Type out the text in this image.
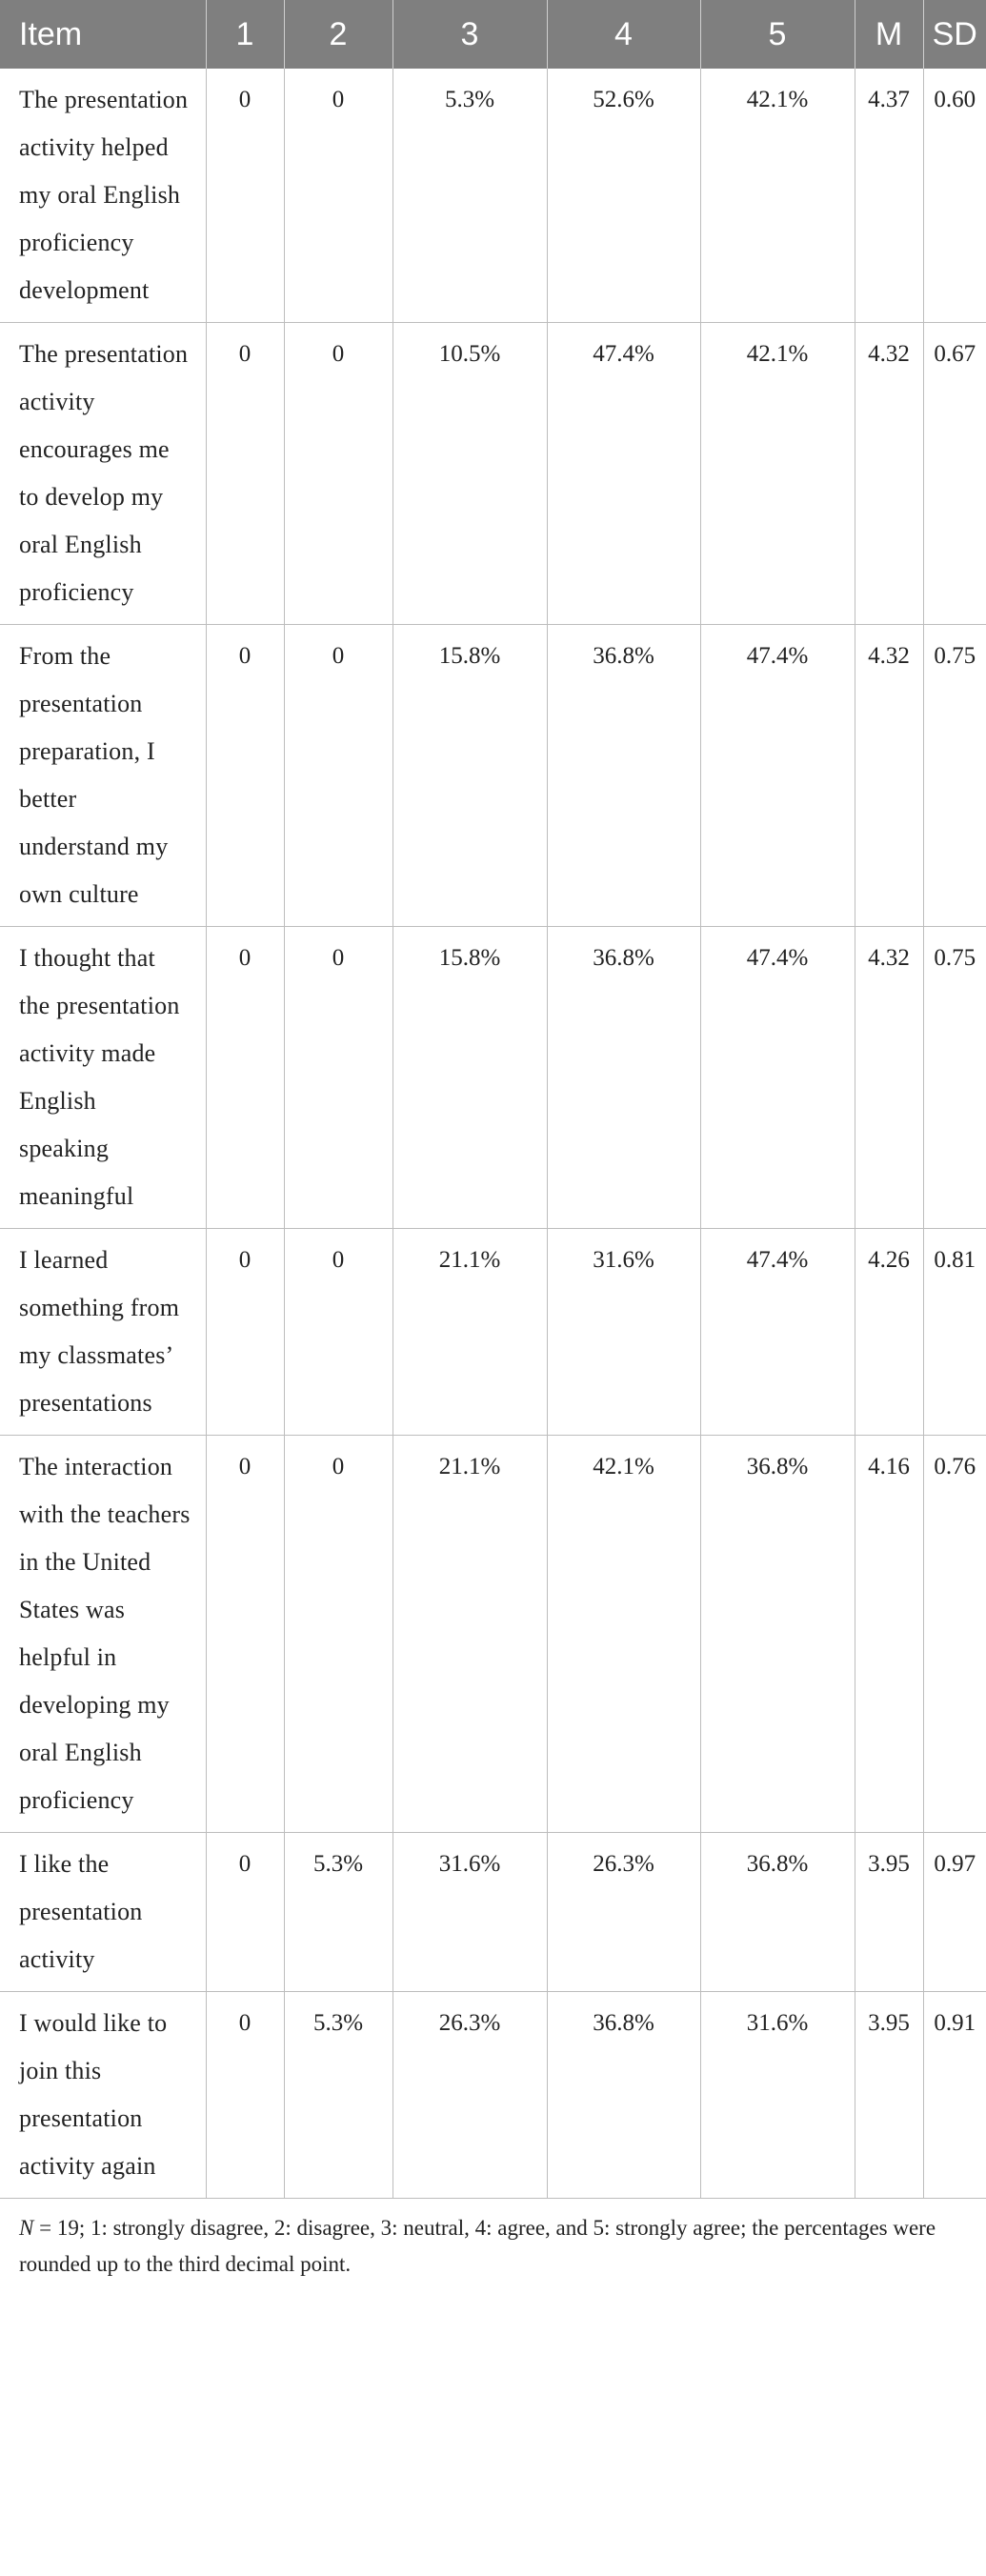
Item	1	2	3	4	5	M	SD
The presentation activity helped my oral English proficiency development	0	0	5.3%	52.6%	42.1%	4.37	0.60
The presentation activity encourages me to develop my oral English proficiency	0	0	10.5%	47.4%	42.1%	4.32	0.67
From the presentation preparation, I better understand my own culture	0	0	15.8%	36.8%	47.4%	4.32	0.75
I thought that the presentation activity made English speaking meaningful	0	0	15.8%	36.8%	47.4%	4.32	0.75
I learned something from my classmates’ presentations	0	0	21.1%	31.6%	47.4%	4.26	0.81
The interaction with the teachers in the United States was helpful in developing my oral English proficiency	0	0	21.1%	42.1%	36.8%	4.16	0.76
I like the presentation activity	0	5.3%	31.6%	26.3%	36.8%	3.95	0.97
I would like to join this presentation activity again	0	5.3%	26.3%	36.8%	31.6%	3.95	0.91
N = 19; 1: strongly disagree, 2: disagree, 3: neutral, 4: agree, and 5: strongly agree; the percentages were rounded up to the third decimal point.
